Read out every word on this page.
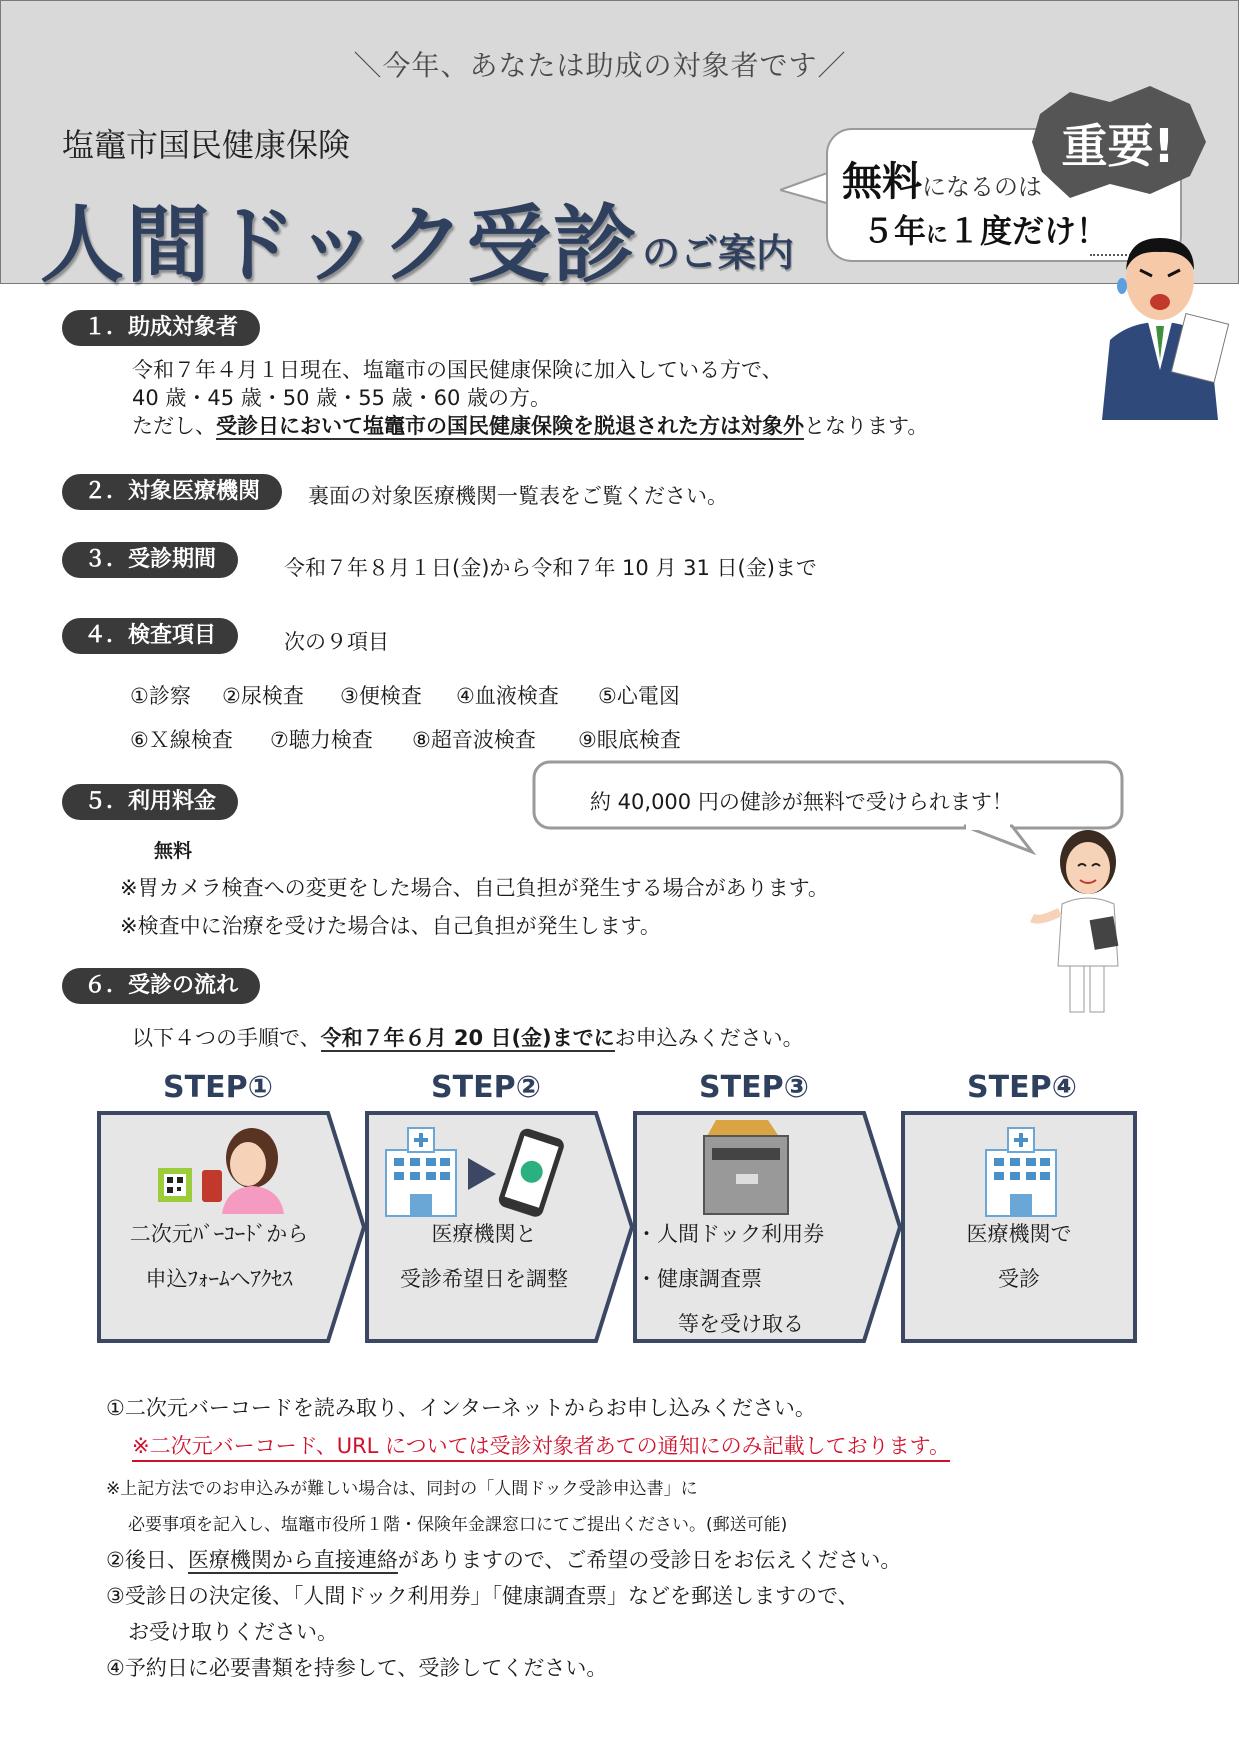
＼今年、あなたは助成の対象者です／
塩竈市国民健康保険
人間ドック受診 のご案内
無料になるのは
５年に１度だけ！
重要!
１．助成対象者
令和７年４月１日現在、塩竈市の国民健康保険に加入している方で、
40 歳・45 歳・50 歳・55 歳・60 歳の方。
ただし、受診日において塩竈市の国民健康保険を脱退された方は対象外となります。
２．対象医療機関	裏面の対象医療機関一覧表をご覧ください。
３．受診期間	令和７年８月１日(金)から令和７年 10 月 31 日(金)まで
４．検査項目	次の９項目
①診察 ②尿検査 ③便検査 ④血液検査 ⑤心電図
⑥Ｘ線検査 ⑦聴力検査 ⑧超音波検査 ⑨眼底検査
５．利用料金
無料
※胃カメラ検査への変更をした場合、自己負担が発生する場合があります。
※検査中に治療を受けた場合は、自己負担が発生します。
約 40,000 円の健診が無料で受けられます！
６．受診の流れ
以下４つの手順で、令和７年６月 20 日(金)までにお申込みください。
STEP①	STEP②	STEP③	STEP④
二次元ﾊﾞｰｺｰﾄﾞから
申込ﾌｫｰﾑへｱｸｾｽ
医療機関と
受診希望日を調整
・人間ドック利用券
・健康調査票
等を受け取る
医療機関で
受診
①二次元バーコードを読み取り、インターネットからお申し込みください。
※二次元バーコード、URL については受診対象者あての通知にのみ記載しております。
※上記方法でのお申込みが難しい場合は、同封の「人間ドック受診申込書」に
必要事項を記入し、塩竈市役所１階・保険年金課窓口にてご提出ください。(郵送可能)
②後日、医療機関から直接連絡がありますので、ご希望の受診日をお伝えください。
③受診日の決定後、「人間ドック利用券」「健康調査票」などを郵送しますので、
お受け取りください。
④予約日に必要書類を持参して、受診してください。
